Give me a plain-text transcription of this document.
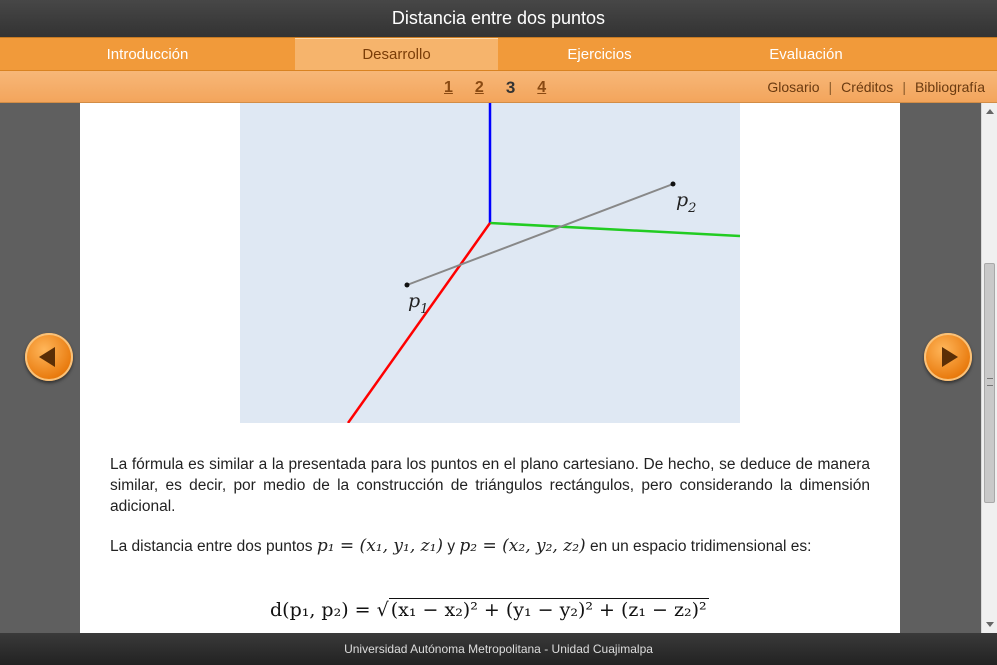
Distancia entre dos puntos
Introducción	Desarrollo	Ejercicios	Evaluación
1 2 3 4	Glosario | Créditos | Bibliografía
$p_1$
$p_2$
La fórmula es similar a la presentada para los puntos en el plano cartesiano. De hecho, se deduce de manera similar, es decir, por medio de la construcción de triángulos rectángulos, pero considerando la dimensión adicional.
La distancia entre dos puntos p₁ = (x₁, y₁, z₁) y p₂ = (x₂, y₂, z₂) en un espacio tridimensional es:
d(p₁, p₂) = √ (x₁ − x₂)² + (y₁ − y₂)² + (z₁ − z₂)²
Universidad Autónoma Metropolitana - Unidad Cuajimalpa
